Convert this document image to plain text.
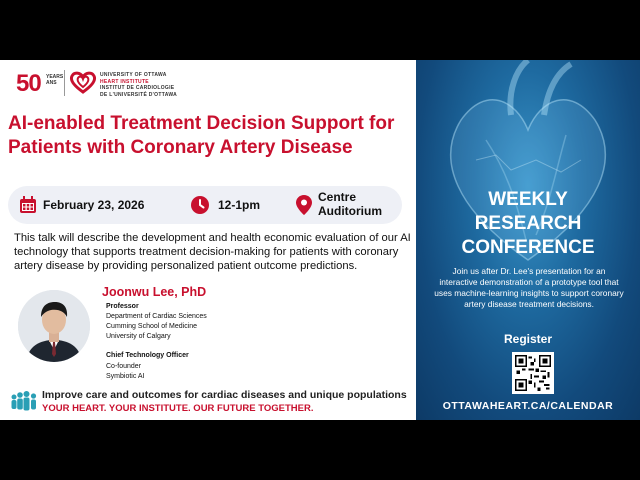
50 YEARS
ANS
UNIVERSITY OF OTTAWA
HEART INSTITUTE
INSTITUT DE CARDIOLOGIE
DE L'UNIVERSITÉ D'OTTAWA
AI-enabled Treatment Decision Support for Patients with Coronary Artery Disease
February 23, 2026	12-1pm
Centre Auditorium

This talk will describe the development and health economic evaluation of our AI technology that supports treatment decision-making for patients with coronary artery disease by providing personalized patient outcome predictions.

Joonwu Lee, PhD
Professor
Department of Cardiac Sciences
Cumming School of Medicine
University of Calgary
Chief Technology Officer
Co-founder
Symbiotic AI
Improve care and outcomes for cardiac diseases and unique populations
YOUR HEART. YOUR INSTITUTE. OUR FUTURE TOGETHER.
WEEKLY
RESEARCH
CONFERENCE
Join us after Dr. Lee's presentation for an interactive demonstration of a prototype tool that uses machine-learning insights to support coronary artery disease treatment decisions.
Register
OTTAWAHEART.CA/CALENDAR
